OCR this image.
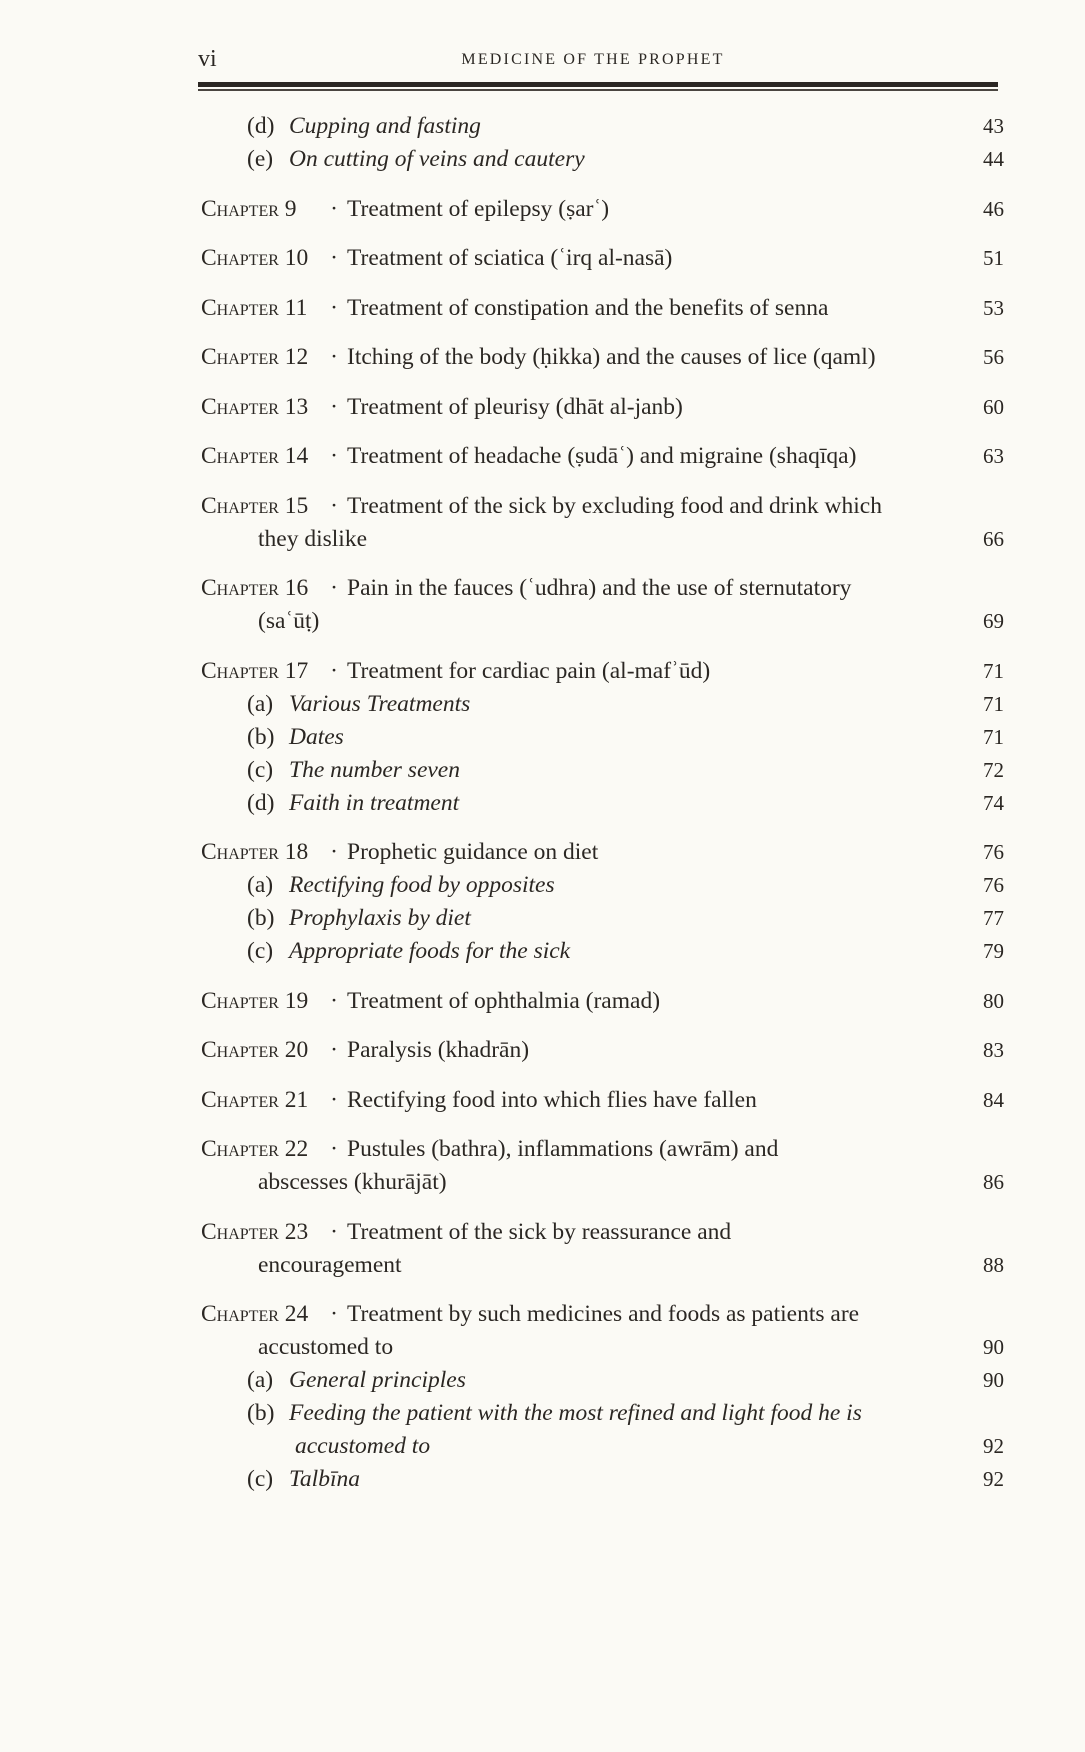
vi	MEDICINE OF THE PROPHET
(d) Cupping and fasting	43
(e) On cutting of veins and cautery	44
Chapter 9 · Treatment of epilepsy (ṣarʿ)	46
Chapter 10 · Treatment of sciatica (ʿirq al-nasā)	51
Chapter 11 · Treatment of constipation and the benefits of senna	53
Chapter 12 · Itching of the body (ḥikka) and the causes of lice (qaml)	56
Chapter 13 · Treatment of pleurisy (dhāt al-janb)	60
Chapter 14 · Treatment of headache (ṣudāʿ) and migraine (shaqīqa)	63
Chapter 15 · Treatment of the sick by excluding food and drink which
they dislike	66
Chapter 16 · Pain in the fauces (ʿudhra) and the use of sternutatory
(saʿūṭ)	69
Chapter 17 · Treatment for cardiac pain (al-mafʾūd)	71
(a) Various Treatments	71
(b) Dates	71
(c) The number seven	72
(d) Faith in treatment	74
Chapter 18 · Prophetic guidance on diet	76
(a) Rectifying food by opposites	76
(b) Prophylaxis by diet	77
(c) Appropriate foods for the sick	79
Chapter 19 · Treatment of ophthalmia (ramad)	80
Chapter 20 · Paralysis (khadrān)	83
Chapter 21 · Rectifying food into which flies have fallen	84
Chapter 22 · Pustules (bathra), inflammations (awrām) and
abscesses (khurājāt)	86
Chapter 23 · Treatment of the sick by reassurance and
encouragement	88
Chapter 24 · Treatment by such medicines and foods as patients are
accustomed to	90
(a) General principles	90
(b) Feeding the patient with the most refined and light food he is
accustomed to	92
(c) Talbīna	92
